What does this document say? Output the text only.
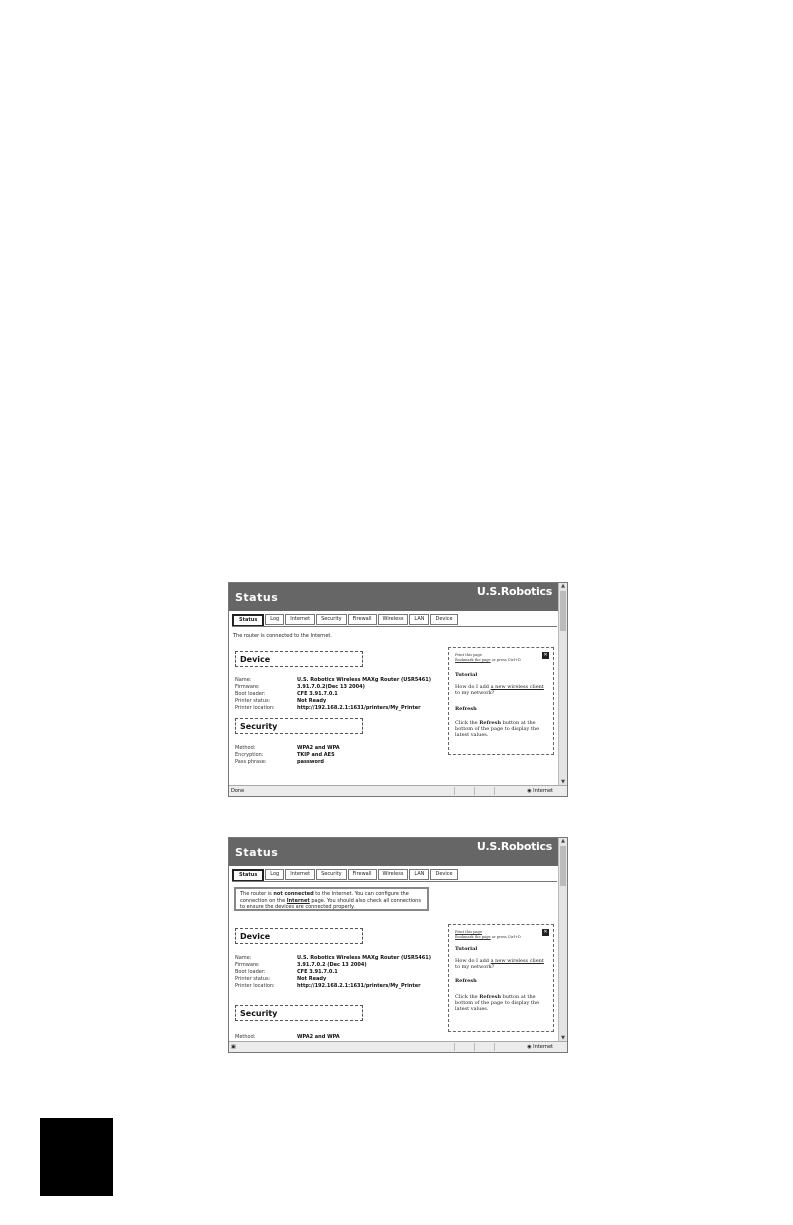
Status	U.S.Robotics	▲
▼
Status	Log	Internet	Security	Firewall	Wireless	LAN	Device
The router is connected to the Internet.
Device
Name:	U.S. Robotics Wireless MAXg Router (USR5461)
Firmware:	3.91.7.0.2(Dec 13 2004)
Boot loader:	CFE 3.91.7.0.1
Printer status:	Not Ready
Printer location:	http://192.168.2.1:1631/printers/My_Printer
Security
Method:	WPA2 and WPA
Encryption:	TKIP and AES
Pass phrase:	password
Print this page
Bookmark the page or press Ctrl+D
✕
Tutorial
How do I add a new wireless client to my network?
Refresh
Click the Refresh button at the bottom of the page to display the latest values.
Done	◉ Internet
Status	U.S.Robotics	▲
▼
Status	Log	Internet	Security	Firewall	Wireless	LAN	Device
The router is not connected to the Internet. You can configure the connection on the Internet page. You should also check all connections to ensure the devices are connected properly.
Device
Name:	U.S. Robotics Wireless MAXg Router (USR5461)
Firmware:	3.91.7.0.2 (Dec 13 2004)
Boot loader:	CFE 3.91.7.0.1
Printer status:	Not Ready
Printer location:	http://192.168.2.1:1631/printers/My_Printer
Security
Method:	WPA2 and WPA
Print this page
Bookmark the page or press Ctrl+D
✕
Tutorial
How do I add a new wireless client to my network?
Refresh
Click the Refresh button at the bottom of the page to display the latest values.
▣	◉ Internet
